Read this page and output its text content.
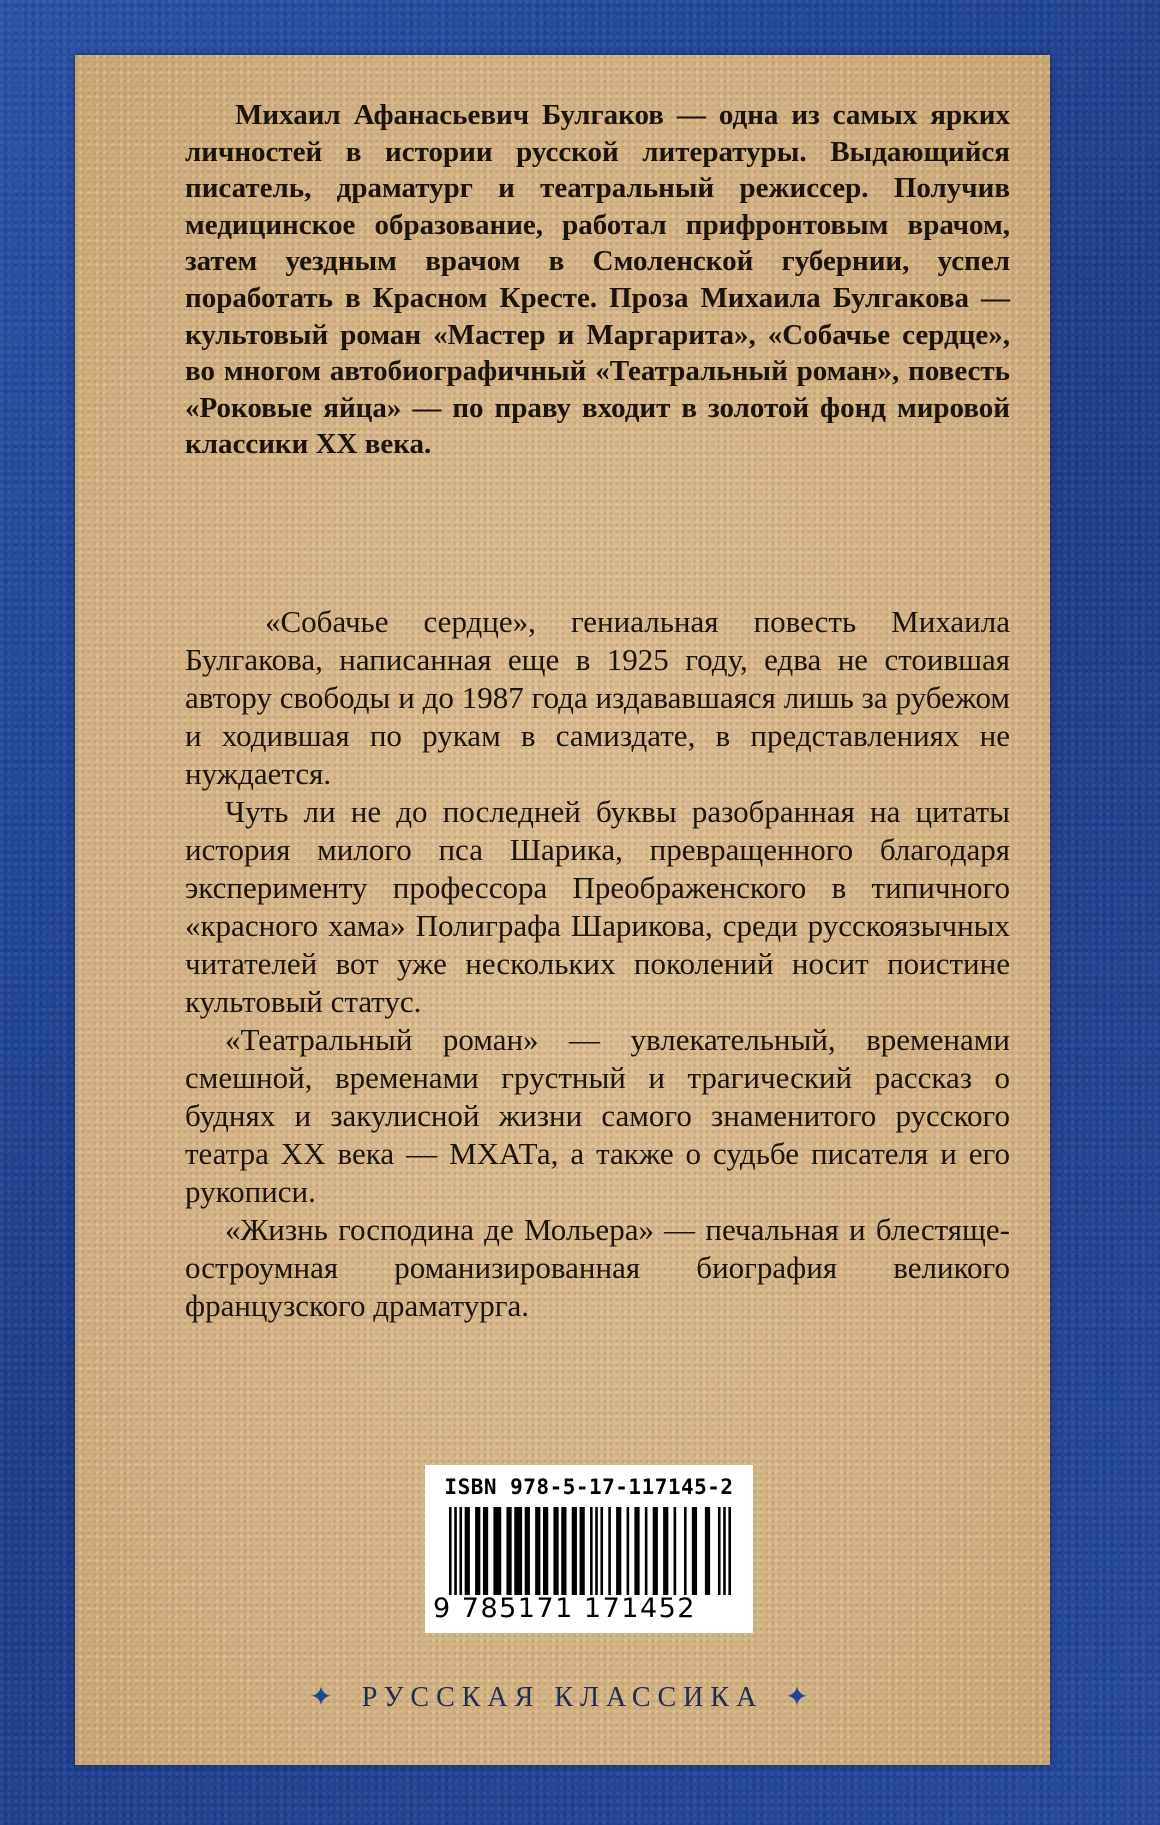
Михаил Афанасьевич Булгаков — одна из самых ярких личностей в истории русской литературы. Выдающийся писатель, драматург и театральный режиссер. Получив медицинское образование, работал прифронтовым врачом, затем уездным врачом в Смоленской губернии, успел поработать в Красном Кресте. Проза Михаила Булгакова — культовый роман «Мастер и Маргарита», «Собачье сердце», во многом автобиографичный «Театральный роман», повесть «Роковые яйца» — по праву входит в золотой фонд мировой классики XX века.

«Собачье сердце», гениальная повесть Михаила Булгакова, написанная еще в 1925 году, едва не стоившая автору свободы и до 1987 года издававшаяся лишь за рубежом и ходившая по рукам в самиздате, в представлениях не нуждается.

Чуть ли не до последней буквы разобранная на цитаты история милого пса Шарика, превращенного благодаря эксперименту профессора Преображенского в типичного «красного хама» Полиграфа Шарикова, среди русскоязычных читателей вот уже нескольких поколений носит поистине культовый статус.

«Театральный роман» — увлекательный, временами смешной, временами грустный и трагический рассказ о буднях и закулисной жизни самого знаменитого русского театра XX века — МХАТа, а также о судьбе писателя и его рукописи.

«Жизнь господина де Мольера» — печальная и блестяще-остроумная романизированная биография великого французского драматурга.

ISBN 978-5-17-117145-2
9 785171 171452
✦ РУССКАЯ КЛАССИКА ✦
